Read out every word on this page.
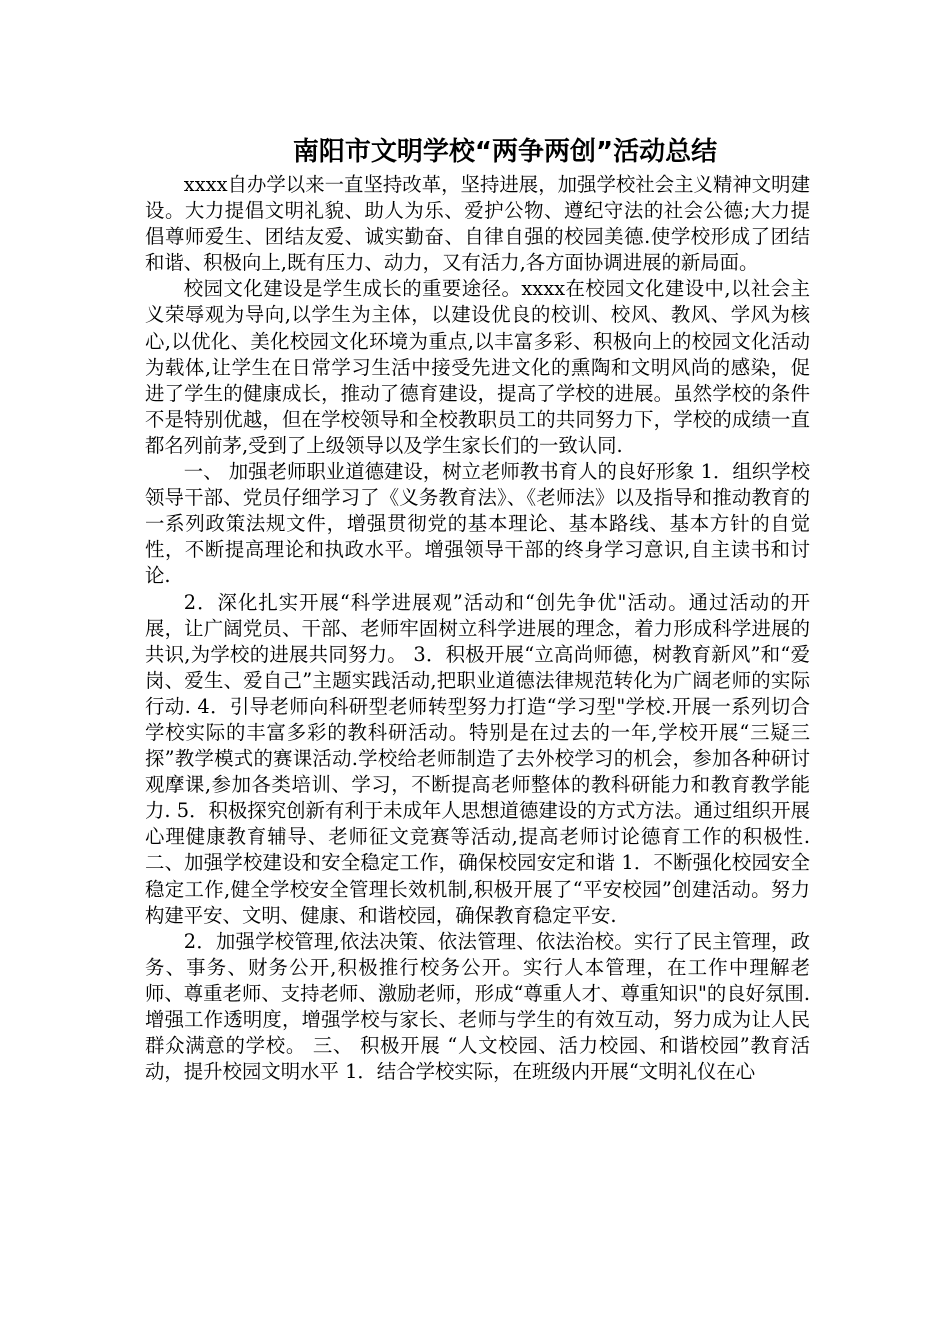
南阳市文明学校“两争两创”活动总结

xxxx自办学以来一直坚持改革，坚持进展，加强学校社会主义精神文明建设。大力提倡文明礼貌、助人为乐、爱护公物、遵纪守法的社会公德;大力提倡尊师爱生、团结友爱、诚实勤奋、自律自强的校园美德.使学校形成了团结和谐、积极向上,既有压力、动力，又有活力,各方面协调进展的新局面。

校园文化建设是学生成长的重要途径。xxxx在校园文化建设中,以社会主义荣辱观为导向,以学生为主体，以建设优良的校训、校风、教风、学风为核心,以优化、美化校园文化环境为重点,以丰富多彩、积极向上的校园文化活动为载体,让学生在日常学习生活中接受先进文化的熏陶和文明风尚的感染，促进了学生的健康成长，推动了德育建设，提高了学校的进展。虽然学校的条件不是特别优越，但在学校领导和全校教职员工的共同努力下，学校的成绩一直都名列前茅,受到了上级领导以及学生家长们的一致认同.

一、 加强老师职业道德建设，树立老师教书育人的良好形象 1．组织学校领导干部、党员仔细学习了《义务教育法》、《老师法》以及指导和推动教育的一系列政策法规文件，增强贯彻党的基本理论、基本路线、基本方针的自觉性，不断提高理论和执政水平。增强领导干部的终身学习意识,自主读书和讨论.

2．深化扎实开展“科学进展观”活动和“创先争优"活动。通过活动的开展，让广阔党员、干部、老师牢固树立科学进展的理念，着力形成科学进展的共识,为学校的进展共同努力。 3．积极开展“立高尚师德，树教育新风”和“爱岗、爱生、爱自己”主题实践活动,把职业道德法律规范转化为广阔老师的实际行动. 4．引导老师向科研型老师转型努力打造“学习型"学校.开展一系列切合学校实际的丰富多彩的教科研活动。特别是在过去的一年,学校开展“三疑三探”教学模式的赛课活动.学校给老师制造了去外校学习的机会，参加各种研讨观摩课,参加各类培训、学习，不断提高老师整体的教科研能力和教育教学能力. 5．积极探究创新有利于未成年人思想道德建设的方式方法。通过组织开展心理健康教育辅导、老师征文竞赛等活动,提高老师讨论德育工作的积极性. 二、加强学校建设和安全稳定工作，确保校园安定和谐 1．不断强化校园安全稳定工作,健全学校安全管理长效机制,积极开展了“平安校园”创建活动。努力构建平安、文明、健康、和谐校园，确保教育稳定平安.

2．加强学校管理,依法决策、依法管理、依法治校。实行了民主管理，政务、事务、财务公开,积极推行校务公开。实行人本管理，在工作中理解老师、尊重老师、支持老师、激励老师，形成“尊重人才、尊重知识"的良好氛围.增强工作透明度，增强学校与家长、老师与学生的有效互动，努力成为让人民群众满意的学校。 三、 积极开展 “人文校园、活力校园、和谐校园”教育活动，提升校园文明水平 1．结合学校实际，在班级内开展“文明礼仪在心
